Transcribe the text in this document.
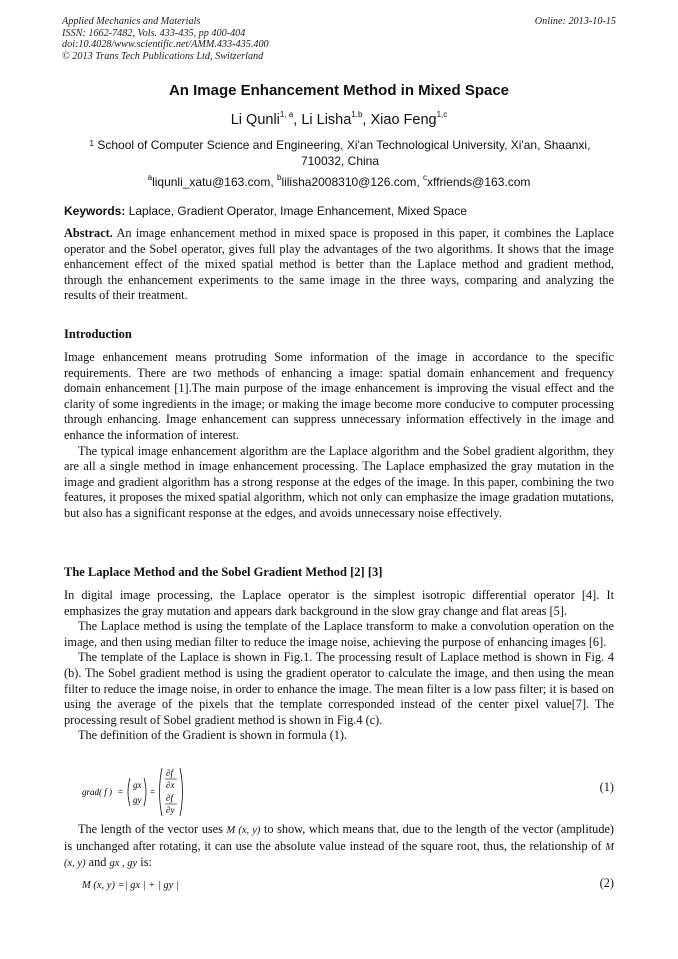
Applied Mechanics and Materials
ISSN: 1662-7482, Vols. 433-435, pp 400-404
doi:10.4028/www.scientific.net/AMM.433-435.400
© 2013 Trans Tech Publications Ltd, Switzerland
Online: 2013-10-15
An Image Enhancement Method in Mixed Space
Li Qunli$^{1, a}$, Li Lisha$^{1,b}$, Xiao Feng$^{1,c}$
$^1$ School of Computer Science and Engineering, Xi'an Technological University, Xi'an, Shaanxi, 710032, China
$^a$liqunli_xatu@163.com, $^b$lilisha2008310@126.com, $^c$xffriends@163.com
Keywords: Laplace, Gradient Operator, Image Enhancement, Mixed Space

Abstract. An image enhancement method in mixed space is proposed in this paper, it combines the Laplace operator and the Sobel operator, gives full play the advantages of the two algorithms. It shows that the image enhancement effect of the mixed spatial method is better than the Laplace method and gradient method, through the enhancement experiments to the same image in the three ways, comparing and analyzing the results of their treatment.

Introduction

Image enhancement means protruding Some information of the image in accordance to the specific requirements. There are two methods of enhancing a image: spatial domain enhancement and frequency domain enhancement [1].The main purpose of the image enhancement is improving the visual effect and the clarity of some ingredients in the image; or making the image become more conducive to computer processing through enhancing. Image enhancement can suppress unnecessary information effectively in the image and enhance the information of interest.

The typical image enhancement algorithm are the Laplace algorithm and the Sobel gradient algorithm, they are all a single method in image enhancement processing. The Laplace emphasized the gray mutation in the image and gradient algorithm has a strong response at the edges of the image. In this paper, combining the two features, it proposes the mixed spatial algorithm, which not only can emphasize the image gradation mutations, but also has a significant response at the edges, and avoids unnecessary noise effectively.

The Laplace Method and the Sobel Gradient Method [2] [3]

In digital image processing, the Laplace operator is the simplest isotropic differential operator [4]. It emphasizes the gray mutation and appears dark background in the slow gray change and flat areas [5].

The Laplace method is using the template of the Laplace transform to make a convolution operation on the image, and then using median filter to reduce the image noise, achieving the purpose of enhancing images [6].

The template of the Laplace is shown in Fig.1. The processing result of Laplace method is shown in Fig. 4 (b). The Sobel gradient method is using the gradient operator to calculate the image, and then using the mean filter to reduce the image noise, in order to enhance the image. The mean filter is a low pass filter; it is based on using the average of the pixels that the template corresponded instead of the center pixel value[7]. The processing result of Sobel gradient method is shown in Fig.4 (c).

The definition of the Gradient is shown in formula (1).

grad( f ) =
gx
gy
=
∂f
∂x
∂f
∂y
(1)

The length of the vector uses M (x, y) to show, which means that, due to the length of the vector (amplitude) is unchanged after rotating, it can use the absolute value instead of the square root, thus, the relationship of M (x, y) and gx , gy is:

M (x, y) =| gx | + | gy |	(2)
